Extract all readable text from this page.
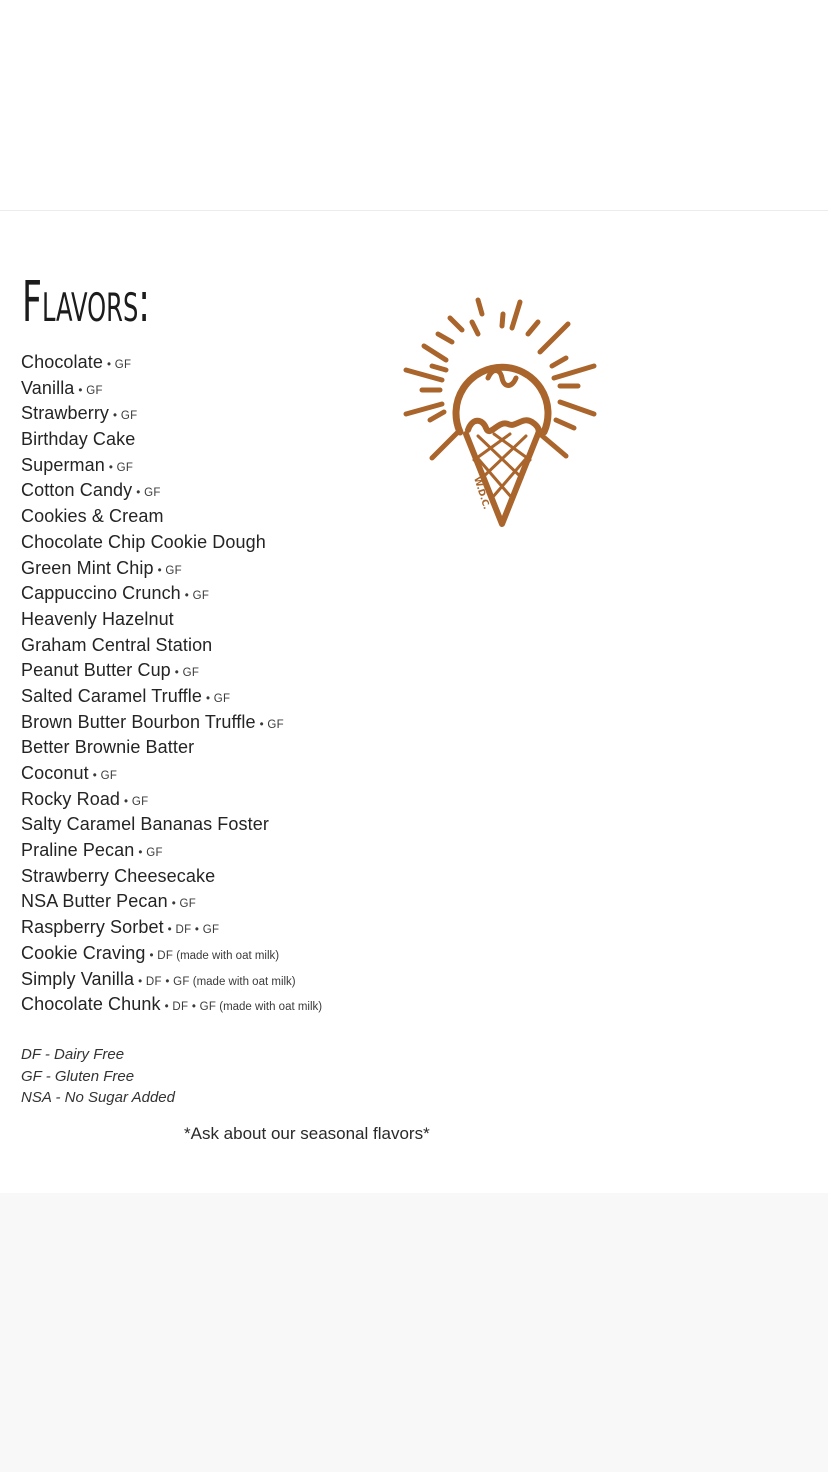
Flavors:
Chocolate • GF
Vanilla • GF
Strawberry • GF
Birthday Cake
Superman • GF
Cotton Candy • GF
Cookies & Cream
Chocolate Chip Cookie Dough
Green Mint Chip • GF
Cappuccino Crunch • GF
Heavenly Hazelnut
Graham Central Station
Peanut Butter Cup • GF
Salted Caramel Truffle • GF
Brown Butter Bourbon Truffle • GF
Better Brownie Batter
Coconut • GF
Rocky Road • GF
Salty Caramel Bananas Foster
Praline Pecan • GF
Strawberry Cheesecake
NSA Butter Pecan • GF
Raspberry Sorbet • DF • GF
Cookie Craving • DF (made with oat milk)
Simply Vanilla • DF • GF (made with oat milk)
Chocolate Chunk • DF • GF (made with oat milk)
DF - Dairy Free
GF - Gluten Free
NSA - No Sugar Added
*Ask about our seasonal flavors*
W.D.C.
